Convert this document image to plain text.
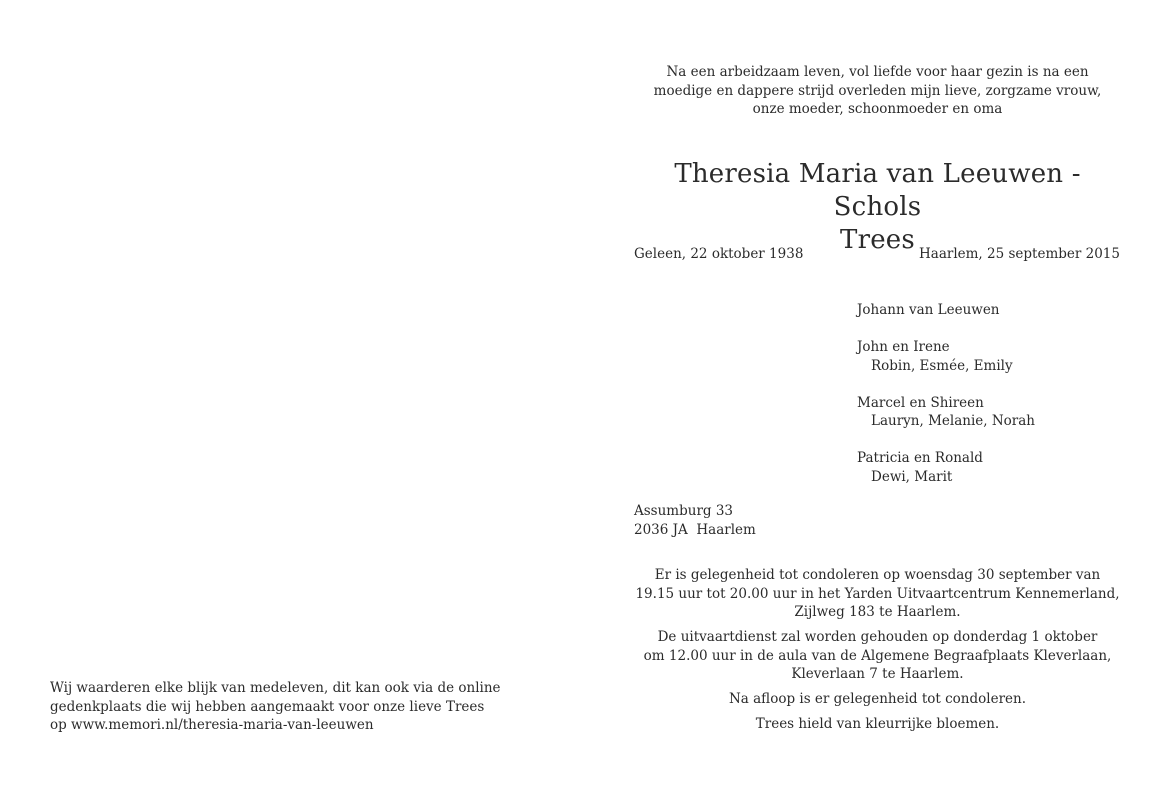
Na een arbeidzaam leven, vol liefde voor haar gezin is na een
moedige en dappere strijd overleden mijn lieve, zorgzame vrouw,
onze moeder, schoonmoeder en oma
Theresia Maria van Leeuwen - Schols
Trees
Geleen, 22 oktober 1938	Haarlem, 25 september 2015
Johann van Leeuwen
John en Irene
Robin, Esmée, Emily
Marcel en Shireen
Lauryn, Melanie, Norah
Patricia en Ronald
Dewi, Marit
Assumburg 33
2036 JA  Haarlem

Er is gelegenheid tot condoleren op woensdag 30 september van
19.15 uur tot 20.00 uur in het Yarden Uitvaartcentrum Kennemerland,
Zijlweg 183 te Haarlem.

De uitvaartdienst zal worden gehouden op donderdag 1 oktober
om 12.00 uur in de aula van de Algemene Begraafplaats Kleverlaan,
Kleverlaan 7 te Haarlem.

Na afloop is er gelegenheid tot condoleren.

Trees hield van kleurrijke bloemen.

Wij waarderen elke blijk van medeleven, dit kan ook via de online
gedenkplaats die wij hebben aangemaakt voor onze lieve Trees
op www.memori.nl/theresia-maria-van-leeuwen
